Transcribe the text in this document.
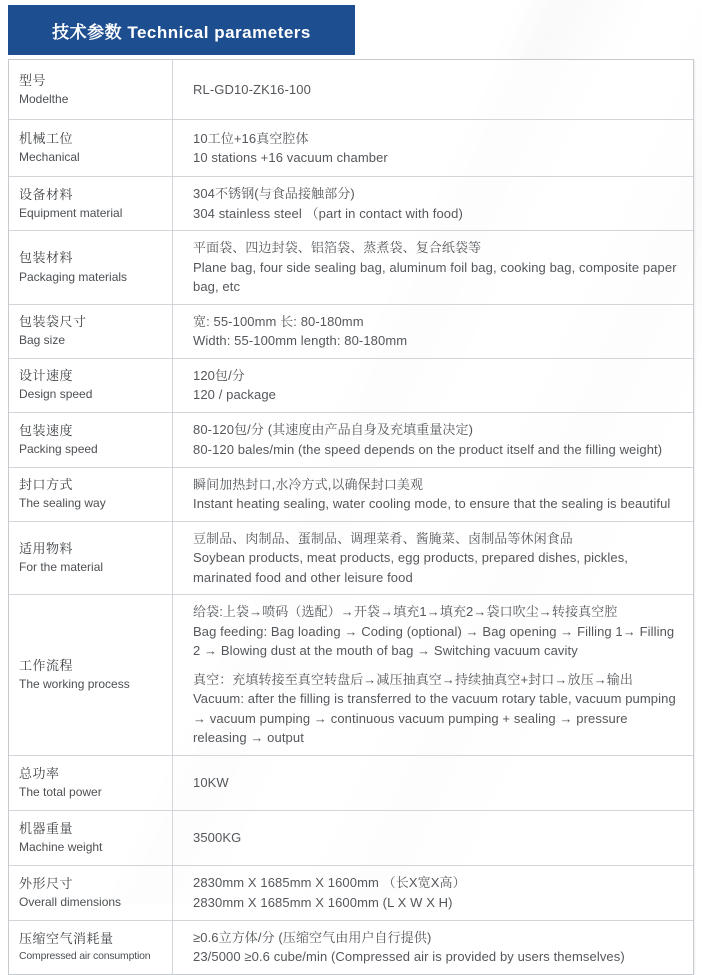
技术参数 Technical parameters
型号
Modelthe
RL-GD10-ZK16-100
机械工位
Mechanical
10工位+16真空腔体
10 stations +16 vacuum chamber
设备材料
Equipment material
304不锈钢(与食品接触部分)
304 stainless steel （part in contact with food)
包装材料
Packaging materials
平面袋、四边封袋、铝箔袋、蒸煮袋、复合纸袋等
Plane bag, four side sealing bag, aluminum foil bag, cooking bag, composite paper bag, etc
包装袋尺寸
Bag size
宽: 55-100mm 长: 80-180mm
Width: 55-100mm length: 80-180mm
设计速度
Design speed
120包/分
120 / package
包装速度
Packing speed
80-120包/分 (其速度由产品自身及充填重量决定)
80-120 bales/min (the speed depends on the product itself and the filling weight)
封口方式
The sealing way
瞬间加热封口,水冷方式,以确保封口美观
Instant heating sealing, water cooling mode, to ensure that the sealing is beautiful
适用物料
For the material
豆制品、肉制品、蛋制品、调理菜肴、酱腌菜、卤制品等休闲食品
Soybean products, meat products, egg products, prepared dishes, pickles, marinated food and other leisure food
工作流程
The working process
给袋:上袋→喷码（选配）→开袋→填充1→填充2→袋口吹尘→转接真空腔
Bag feeding: Bag loading → Coding (optional) → Bag opening → Filling 1→ Filling 2 → Blowing dust at the mouth of bag → Switching vacuum cavity
真空：充填转接至真空转盘后→减压抽真空→持续抽真空+封口→放压→输出
Vacuum: after the filling is transferred to the vacuum rotary table, vacuum pumping → vacuum pumping → continuous vacuum pumping + sealing → pressure releasing → output
总功率
The total power
10KW
机器重量
Machine weight
3500KG
外形尺寸
Overall dimensions
2830mm X 1685mm X 1600mm （长X宽X高）
2830mm X 1685mm X 1600mm (L X W X H)
压缩空气消耗量
Compressed air consumption
≥0.6立方体/分 (压缩空气由用户自行提供)
23/5000 ≥0.6 cube/min (Compressed air is provided by users themselves)
